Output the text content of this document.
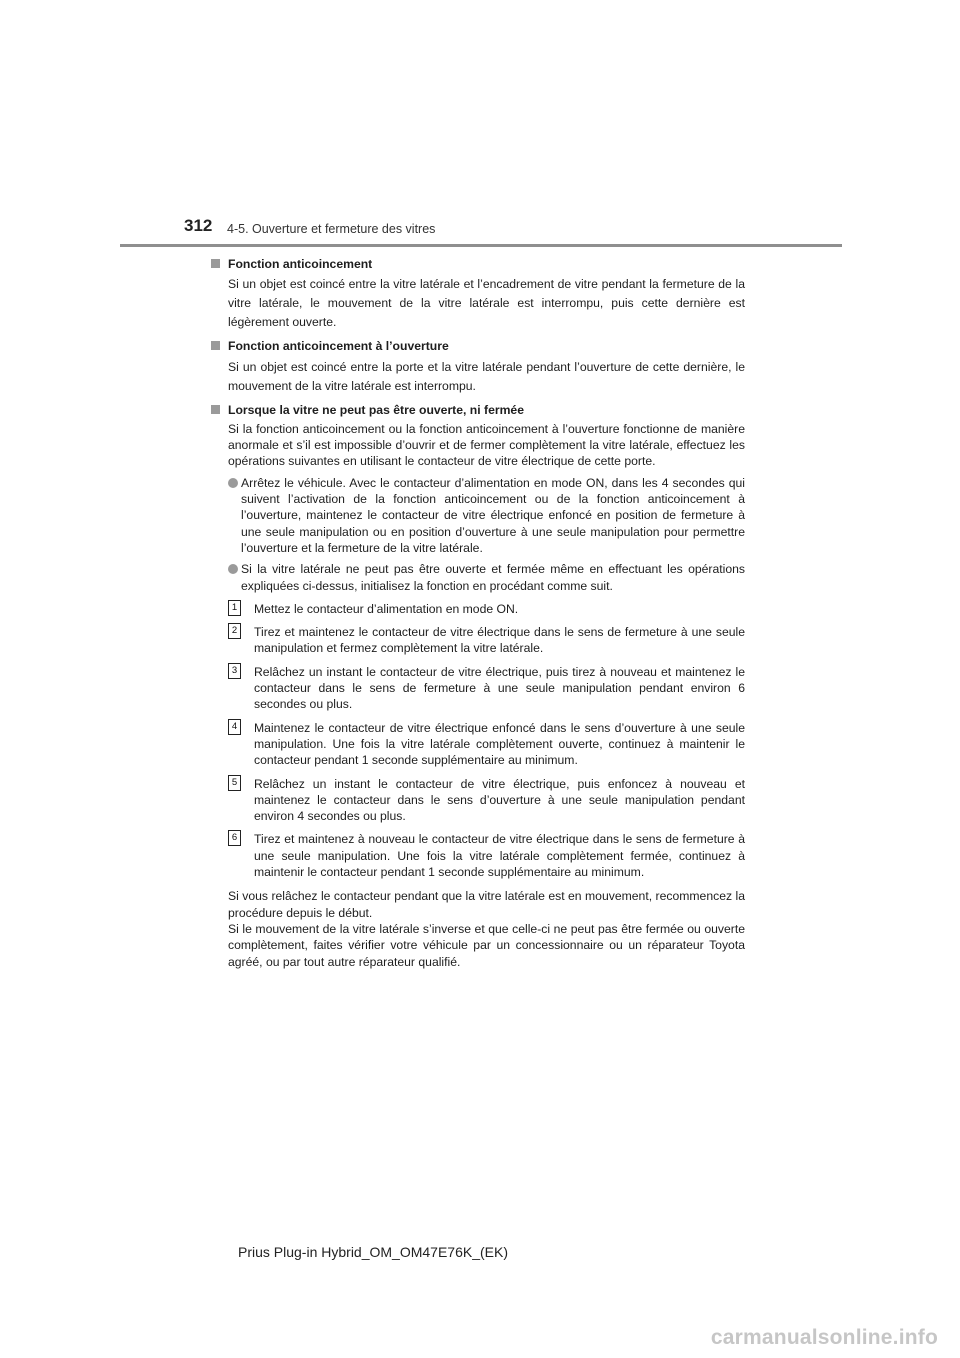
312 4-5. Ouverture et fermeture des vitres

Fonction anticoincement

Si un objet est coincé entre la vitre latérale et l’encadrement de vitre pendant la fermeture de la vitre latérale, le mouvement de la vitre latérale est interrompu, puis cette dernière est légèrement ouverte.

Fonction anticoincement à l’ouverture

Si un objet est coincé entre la porte et la vitre latérale pendant l’ouverture de cette dernière, le mouvement de la vitre latérale est interrompu.

Lorsque la vitre ne peut pas être ouverte, ni fermée

Si la fonction anticoincement ou la fonction anticoincement à l’ouverture fonctionne de manière anormale et s’il est impossible d’ouvrir et de fermer complètement la vitre latérale, effectuez les opérations suivantes en utilisant le contacteur de vitre électrique de cette porte.

Arrêtez le véhicule. Avec le contacteur d’alimentation en mode ON, dans les 4 secondes qui suivent l’activation de la fonction anticoincement ou de la fonction anticoincement à l’ouverture, maintenez le contacteur de vitre électrique enfoncé en position de fermeture à une seule manipulation ou en position d’ouverture à une seule manipulation pour permettre l’ouverture et la fermeture de la vitre latérale.

Si la vitre latérale ne peut pas être ouverte et fermée même en effectuant les opérations expliquées ci-dessus, initialisez la fonction en procédant comme suit.

1	Mettez le contacteur d’alimentation en mode ON.

2	Tirez et maintenez le contacteur de vitre électrique dans le sens de fermeture à une seule manipulation et fermez complètement la vitre latérale.

3	Relâchez un instant le contacteur de vitre électrique, puis tirez à nouveau et maintenez le contacteur dans le sens de fermeture à une seule manipulation pendant environ 6 secondes ou plus.

4	Maintenez le contacteur de vitre électrique enfoncé dans le sens d’ouverture à une seule manipulation. Une fois la vitre latérale complètement ouverte, continuez à maintenir le contacteur pendant 1 seconde supplémentaire au minimum.

5	Relâchez un instant le contacteur de vitre électrique, puis enfoncez à nouveau et maintenez le contacteur dans le sens d’ouverture à une seule manipulation pendant environ 4 secondes ou plus.

6	Tirez et maintenez à nouveau le contacteur de vitre électrique dans le sens de fermeture à une seule manipulation. Une fois la vitre latérale complètement fermée, continuez à maintenir le contacteur pendant 1 seconde supplémentaire au minimum.

Si vous relâchez le contacteur pendant que la vitre latérale est en mouvement, recommencez la procédure depuis le début.

Si le mouvement de la vitre latérale s’inverse et que celle-ci ne peut pas être fermée ou ouverte complètement, faites vérifier votre véhicule par un concessionnaire ou un réparateur Toyota agréé, ou par tout autre réparateur qualifié.

Prius Plug-in Hybrid_OM_OM47E76K_(EK)
carmanualsonline.info
